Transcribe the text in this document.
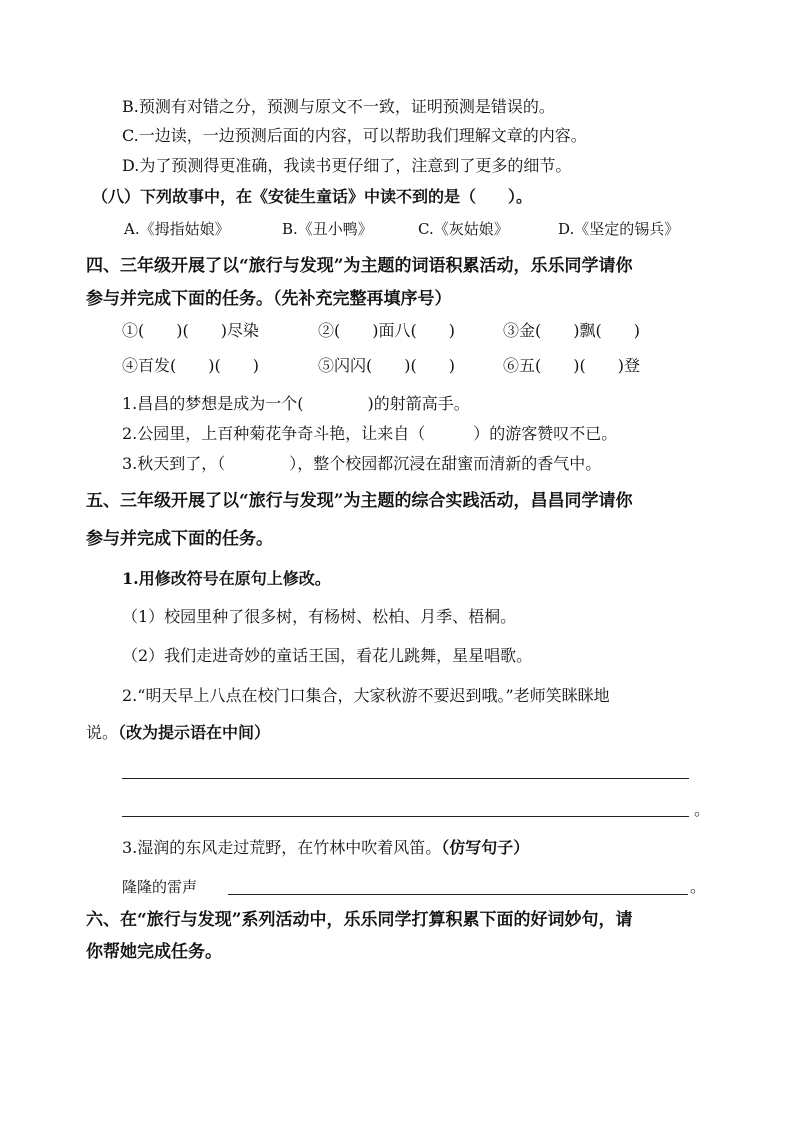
B.预测有对错之分，预测与原文不一致，证明预测是错误的。
C.一边读，一边预测后面的内容，可以帮助我们理解文章的内容。
D.为了预测得更准确，我读书更仔细了，注意到了更多的细节。
（八）下列故事中，在《安徒生童话》中读不到的是（　　）。
A.《拇指姑娘》	B.《丑小鸭》	C.《灰姑娘》	D.《坚定的锡兵》
四、三年级开展了以“旅行与发现”为主题的词语积累活动，乐乐同学请你
参与并完成下面的任务。（先补充完整再填序号）
①(　　)(　　)尽染	②(　　)面八(　　)	③金(　　)飘(　　)
④百发(　　)(　　)	⑤闪闪(　　)(　　)	⑥五(　　)(　　)登
1.昌昌的梦想是成为一个(　　　　)的射箭高手。
2.公园里，上百种菊花争奇斗艳，让来自（　　　）的游客赞叹不已。
3.秋天到了，（　　　　），整个校园都沉浸在甜蜜而清新的香气中。
五、三年级开展了以“旅行与发现”为主题的综合实践活动，昌昌同学请你
参与并完成下面的任务。
1.用修改符号在原句上修改。
（1）校园里种了很多树，有杨树、松柏、月季、梧桐。
（2）我们走进奇妙的童话王国，看花儿跳舞，星星唱歌。
2.“明天早上八点在校门口集合，大家秋游不要迟到哦。”老师笑眯眯地
说。（改为提示语在中间）
。
3.湿润的东风走过荒野，在竹林中吹着风笛。（仿写句子）
隆隆的雷声	。
六、在“旅行与发现”系列活动中，乐乐同学打算积累下面的好词妙句，请
你帮她完成任务。
